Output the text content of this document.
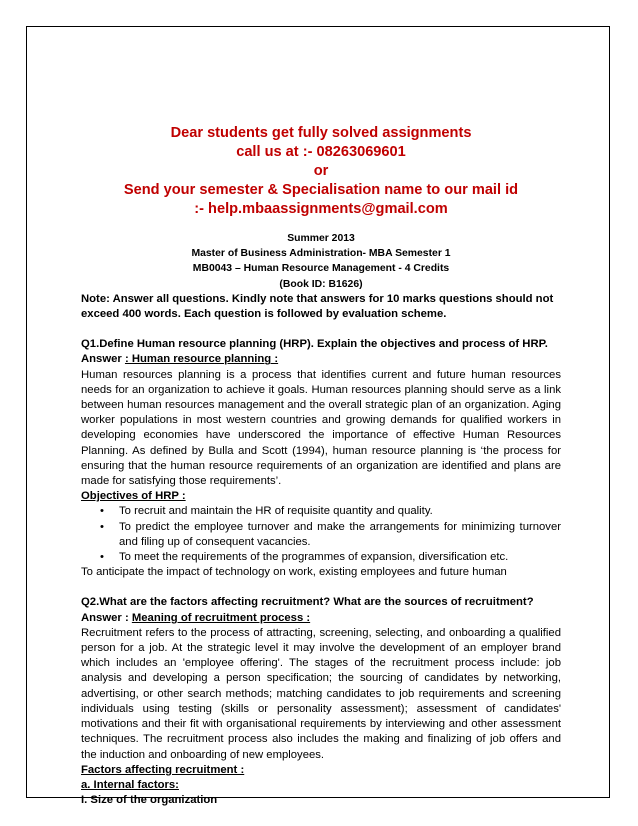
Dear students get fully solved assignments
call us at :- 08263069601
or
Send your semester & Specialisation name to our mail id
:- help.mbaassignments@gmail.com
Summer 2013
Master of Business Administration- MBA Semester 1
MB0043 – Human Resource Management - 4 Credits
(Book ID: B1626)

Note: Answer all questions. Kindly note that answers for 10 marks questions should not exceed 400 words. Each question is followed by evaluation scheme.

Q1.Define Human resource planning (HRP). Explain the objectives and process of HRP.

Answer : Human resource planning :

Human resources planning is a process that identifies current and future human resources needs for an organization to achieve it goals. Human resources planning should serve as a link between human resources management and the overall strategic plan of an organization. Aging worker populations in most western countries and growing demands for qualified workers in developing economies have underscored the importance of effective Human Resources Planning. As defined by Bulla and Scott (1994), human resource planning is ‘the process for ensuring that the human resource requirements of an organization are identified and plans are made for satisfying those requirements’.

Objectives of HRP :

• To recruit and maintain the HR of requisite quantity and quality.
• To predict the employee turnover and make the arrangements for minimizing turnover and filing up of consequent vacancies.
• To meet the requirements of the programmes of expansion, diversification etc.

To anticipate the impact of technology on work, existing employees and future human

Q2.What are the factors affecting recruitment? What are the sources of recruitment?

Answer : Meaning of recruitment process :

Recruitment refers to the process of attracting, screening, selecting, and onboarding a qualified person for a job. At the strategic level it may involve the development of an employer brand which includes an 'employee offering'. The stages of the recruitment process include: job analysis and developing a person specification; the sourcing of candidates by networking, advertising, or other search methods; matching candidates to job requirements and screening individuals using testing (skills or personality assessment); assessment of candidates' motivations and their fit with organisational requirements by interviewing and other assessment techniques. The recruitment process also includes the making and finalizing of job offers and the induction and onboarding of new employees.

Factors affecting recruitment :

a. Internal factors:

I. Size of the organization
